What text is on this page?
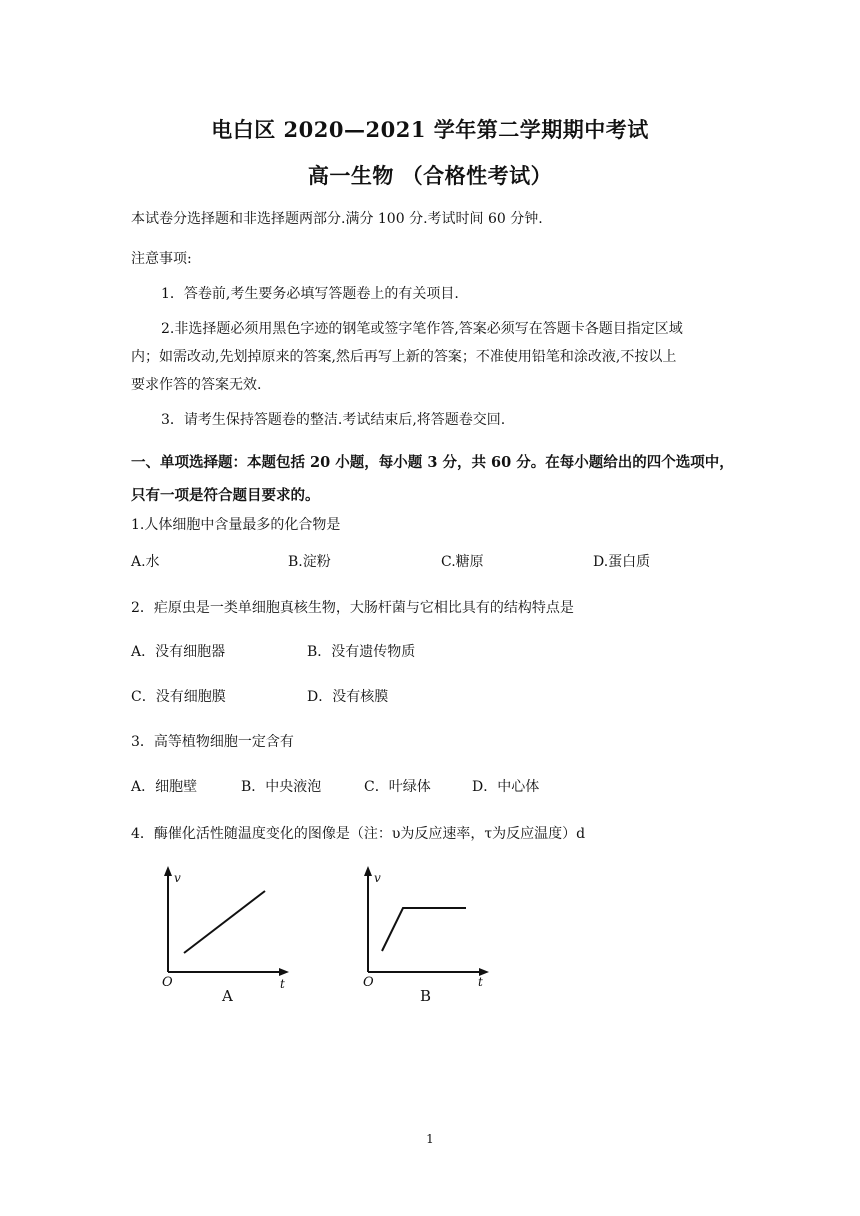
电白区 2020—2021 学年第二学期期中考试
高一生物 （合格性考试）
本试卷分选择题和非选择题两部分.满分 100 分.考试时间 60 分钟.
注意事项:
1．答卷前,考生要务必填写答题卷上的有关项目.
2.非选择题必须用黑色字迹的钢笔或签字笔作答,答案必须写在答题卡各题目指定区域
内；如需改动,先划掉原来的答案,然后再写上新的答案；不准使用铅笔和涂改液,不按以上
要求作答的答案无效.
3．请考生保持答题卷的整洁.考试结束后,将答题卷交回.
一、单项选择题：本题包括 20 小题，每小题 3 分，共 60 分。在每小题给出的四个选项中，
只有一项是符合题目要求的。
1.人体细胞中含量最多的化合物是
A.水	B.淀粉	C.糖原	D.蛋白质
2．疟原虫是一类单细胞真核生物，大肠杆菌与它相比具有的结构特点是
A．没有细胞器	B．没有遗传物质
C．没有细胞膜	D．没有核膜
3．高等植物细胞一定含有
A．细胞壁	B．中央液泡	C．叶绿体	D．中心体
4．酶催化活性随温度变化的图像是（注：υ为反应速率，τ为反应温度）d
v
t
O
A
v
t
O
B
1
